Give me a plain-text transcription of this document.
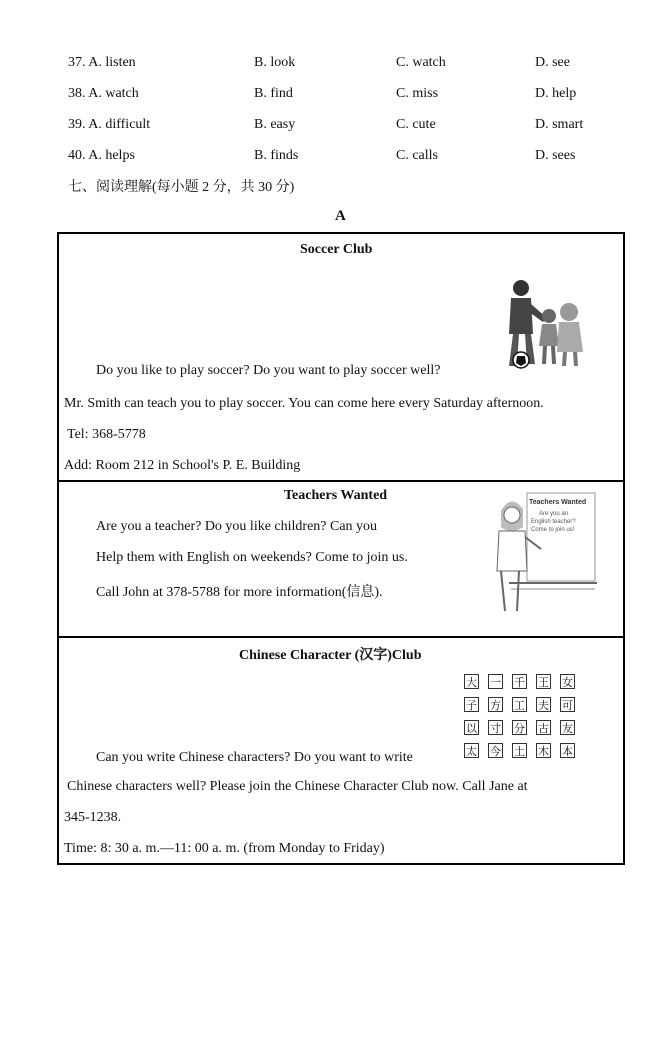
37. A. listen	B. look	C. watch	D. see
38. A. watch	B. find	C. miss	D. help
39. A. difficult	B. easy	C. cute	D. smart
40. A. helps	B. finds	C. calls	D. sees
七、阅读理解(每小题 2 分，共 30 分)
A
Soccer Club
Do you like to play soccer? Do you want to play soccer well?
Mr. Smith can teach you to play soccer. You can come here every Saturday afternoon.
Tel: 368-5778
Add: Room 212 in School's P. E. Building
Teachers Wanted
Are you a teacher? Do you like children? Can you
Help them with English on weekends? Come to join us.
Call John at 378-5788 for more information(信息).
Teachers Wanted
Are you an
English teacher?
Come to join us!
Chinese Character (汉字)Club
大 一 千 王 女
子 方 工 夫 可
以 寸 分 古 友
太 今 土 木 本
Can you write Chinese characters? Do you want to write
Chinese characters well? Please join the Chinese Character Club now. Call Jane at
345-1238.
Time: 8: 30 a. m.—11: 00 a. m. (from Monday to Friday)
